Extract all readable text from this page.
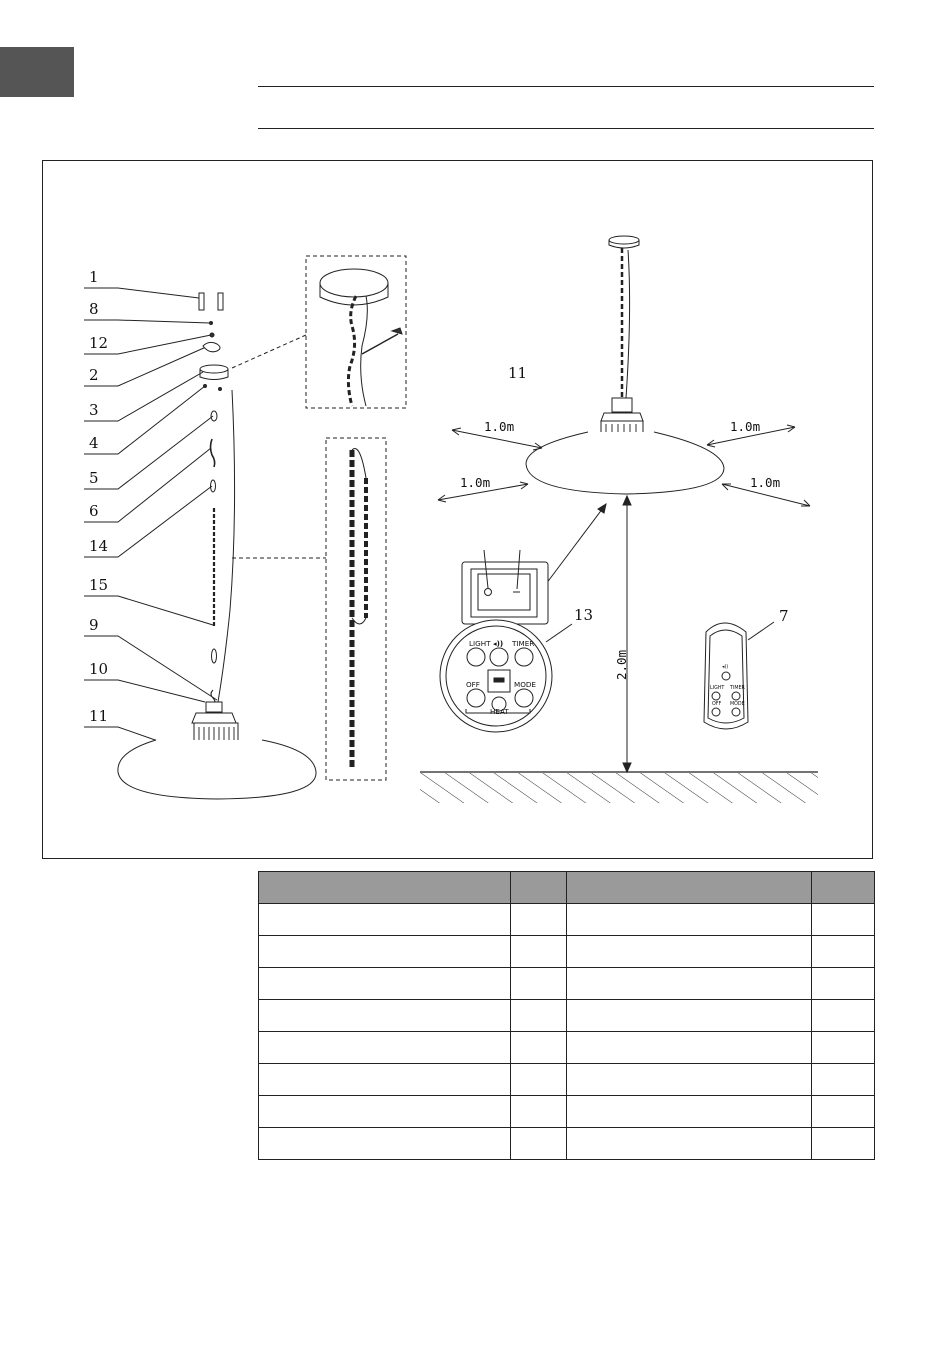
1
8
12
2
3
4
5
6
14
15
9
10
11
11
13	7
1.0m	1.0m
1.0m	1.0m
2.0m
LIGHT ◂)) TIMER
OFF	MODE
HEAT
◂))
LIGHT TIMER
OFF MODE
